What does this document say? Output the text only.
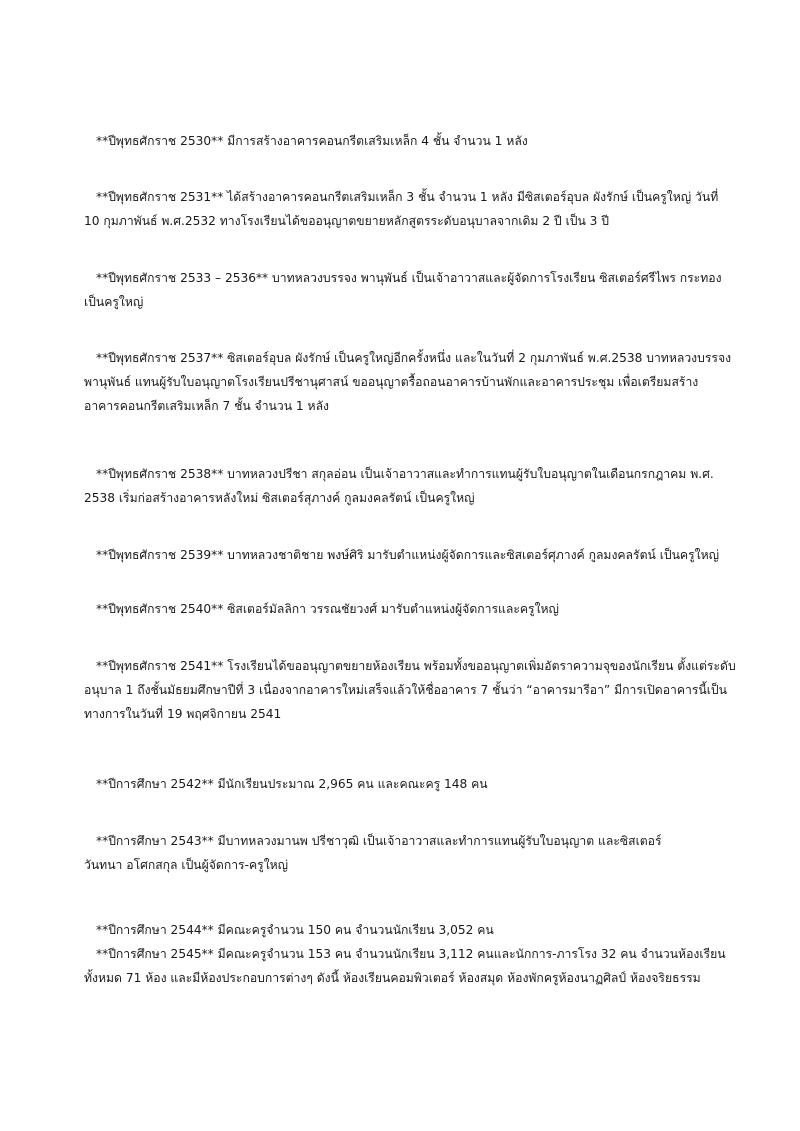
**ปีพุทธศักราช 2530** มีการสร้างอาคารคอนกรีตเสริมเหล็ก 4 ชั้น จำนวน 1 หลัง
**ปีพุทธศักราช 2531** ได้สร้างอาคารคอนกรีตเสริมเหล็ก 3 ชั้น จำนวน 1 หลัง มีซิสเตอร์อุบล ผังรักษ์ เป็นครูใหญ่ วันที่
10 กุมภาพันธ์ พ.ศ.2532 ทางโรงเรียนได้ขออนุญาตขยายหลักสูตรระดับอนุบาลจากเดิม 2 ปี เป็น 3 ปี
**ปีพุทธศักราช 2533 – 2536** บาทหลวงบรรจง พานุพันธ์ เป็นเจ้าอาวาสและผู้จัดการโรงเรียน ซิสเตอร์ศรีไพร กระทอง
เป็นครูใหญ่
**ปีพุทธศักราช 2537** ซิสเตอร์อุบล ผังรักษ์ เป็นครูใหญ่อีกครั้งหนึ่ง และในวันที่ 2 กุมภาพันธ์ พ.ศ.2538 บาทหลวงบรรจง
พานุพันธ์ แทนผู้รับใบอนุญาตโรงเรียนปรีชานุศาสน์ ขออนุญาตรื้อถอนอาคารบ้านพักและอาคารประชุม เพื่อเตรียมสร้าง
อาคารคอนกรีตเสริมเหล็ก 7 ชั้น จำนวน 1 หลัง
**ปีพุทธศักราช 2538** บาทหลวงปรีชา สกุลอ่อน เป็นเจ้าอาวาสและทำการแทนผู้รับใบอนุญาตในเดือนกรกฎาคม พ.ศ.
2538 เริ่มก่อสร้างอาคารหลังใหม่ ซิสเตอร์สุภางค์ กูลมงคลรัตน์ เป็นครูใหญ่
**ปีพุทธศักราช 2539** บาทหลวงชาติชาย พงษ์ศิริ มารับตำแหน่งผู้จัดการและซิสเตอร์ศุภางค์ กูลมงคลรัตน์ เป็นครูใหญ่
**ปีพุทธศักราช 2540** ซิสเตอร์มัลลิกา วรรณชัยวงศ์ มารับตำแหน่งผู้จัดการและครูใหญ่
**ปีพุทธศักราช 2541** โรงเรียนได้ขออนุญาตขยายห้องเรียน พร้อมทั้งขออนุญาตเพิ่มอัตราความจุของนักเรียน ตั้งแต่ระดับ
อนุบาล 1 ถึงชั้นมัธยมศึกษาปีที่ 3 เนื่องจากอาคารใหม่เสร็จแล้วให้ชื่ออาคาร 7 ชั้นว่า “อาคารมารีอา” มีการเปิดอาคารนี้เป็น
ทางการในวันที่ 19 พฤศจิกายน 2541
**ปีการศึกษา 2542** มีนักเรียนประมาณ 2,965 คน และคณะครู 148 คน
**ปีการศึกษา 2543** มีบาทหลวงมานพ ปรีชาวุฒิ เป็นเจ้าอาวาสและทำการแทนผู้รับใบอนุญาต และซิสเตอร์
วันทนา อโศกสกุล เป็นผู้จัดการ-ครูใหญ่
**ปีการศึกษา 2544** มีคณะครูจำนวน 150 คน จำนวนนักเรียน 3,052 คน
**ปีการศึกษา 2545** มีคณะครูจำนวน 153 คน จำนวนนักเรียน 3,112 คนและนักการ-ภารโรง 32 คน จำนวนห้องเรียน
ทั้งหมด 71 ห้อง และมีห้องประกอบการต่างๆ ดังนี้ ห้องเรียนคอมพิวเตอร์ ห้องสมุด ห้องพักครูห้องนาฏศิลป์ ห้องจริยธรรม
